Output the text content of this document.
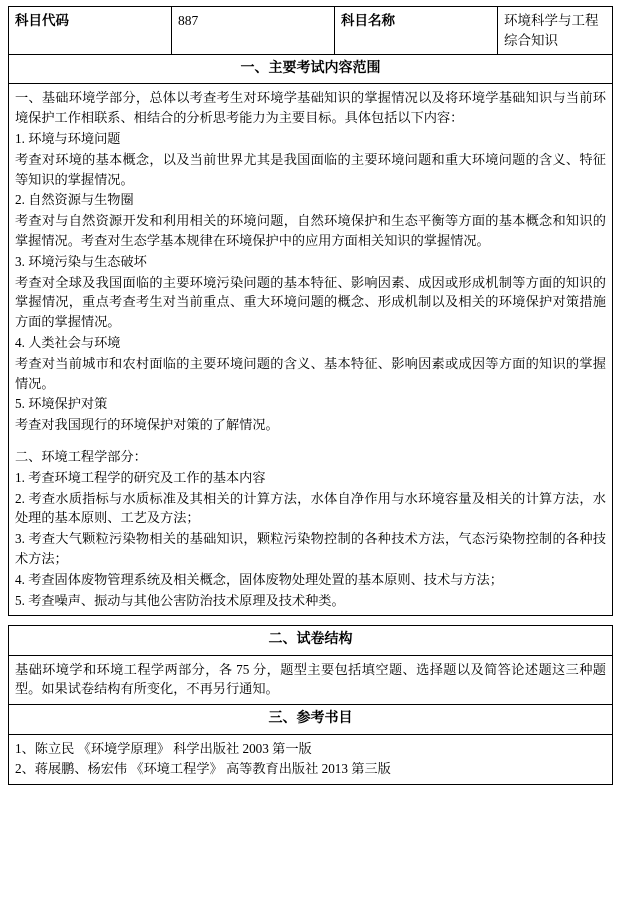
科目代码	887	科目名称	环境科学与工程综合知识
一、主要考试内容范围

一、基础环境学部分，总体以考查考生对环境学基础知识的掌握情况以及将环境学基础知识与当前环境保护工作相联系、相结合的分析思考能力为主要目标。具体包括以下内容：

1. 环境与环境问题

考查对环境的基本概念，以及当前世界尤其是我国面临的主要环境问题和重大环境问题的含义、特征等知识的掌握情况。

2. 自然资源与生物圈

考查对与自然资源开发和利用相关的环境问题，自然环境保护和生态平衡等方面的基本概念和知识的掌握情况。考查对生态学基本规律在环境保护中的应用方面相关知识的掌握情况。

3. 环境污染与生态破坏

考查对全球及我国面临的主要环境污染问题的基本特征、影响因素、成因或形成机制等方面的知识的掌握情况，重点考查考生对当前重点、重大环境问题的概念、形成机制以及相关的环境保护对策措施方面的掌握情况。

4. 人类社会与环境

考查对当前城市和农村面临的主要环境问题的含义、基本特征、影响因素或成因等方面的知识的掌握情况。

5. 环境保护对策

考查对我国现行的环境保护对策的了解情况。

二、环境工程学部分：

1. 考查环境工程学的研究及工作的基本内容

2. 考查水质指标与水质标准及其相关的计算方法，水体自净作用与水环境容量及相关的计算方法，水处理的基本原则、工艺及方法；

3. 考查大气颗粒污染物相关的基础知识，颗粒污染物控制的各种技术方法，气态污染物控制的各种技术方法；

4. 考查固体废物管理系统及相关概念，固体废物处理处置的基本原则、技术与方法；

5. 考查噪声、振动与其他公害防治技术原理及技术种类。

二、试卷结构

基础环境学和环境工程学两部分，各 75 分，题型主要包括填空题、选择题以及简答论述题这三种题型。如果试卷结构有所变化，不再另行通知。

三、参考书目

1、陈立民 《环境学原理》 科学出版社 2003 第一版

2、蒋展鹏、杨宏伟 《环境工程学》 高等教育出版社 2013 第三版
